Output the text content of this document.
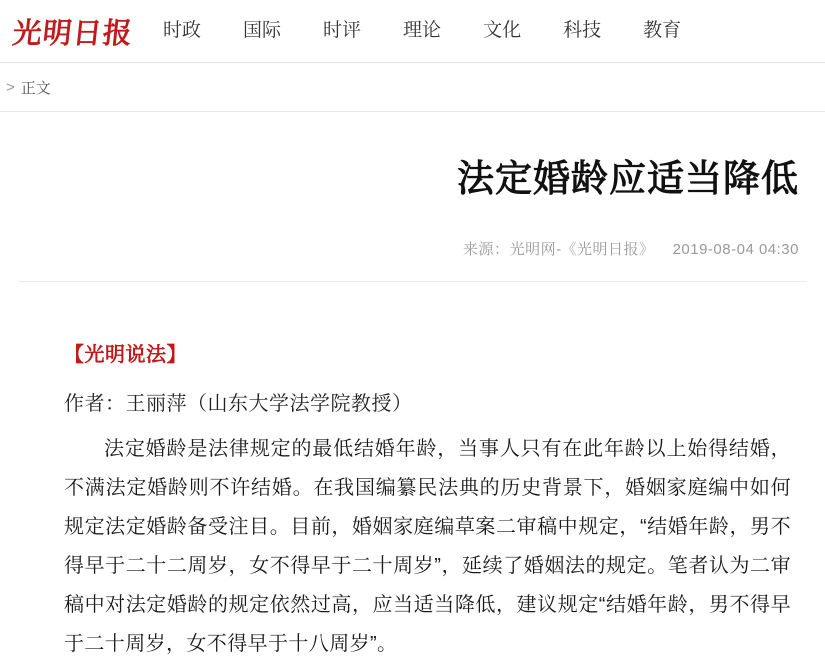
光明日报	时政	国际	时评	理论	文化	科技	教育
> 正文
法定婚龄应适当降低
来源：光明网-《光明日报》 2019-08-04 04:30
【光明说法】
作者：王丽萍（山东大学法学院教授）

法定婚龄是法律规定的最低结婚年龄，当事人只有在此年龄以上始得结婚，不满法定婚龄则不许结婚。在我国编纂民法典的历史背景下，婚姻家庭编中如何规定法定婚龄备受注目。目前，婚姻家庭编草案二审稿中规定，“结婚年龄，男不得早于二十二周岁，女不得早于二十周岁”，延续了婚姻法的规定。笔者认为二审稿中对法定婚龄的规定依然过高，应当适当降低，建议规定“结婚年龄，男不得早于二十周岁，女不得早于十八周岁”。
